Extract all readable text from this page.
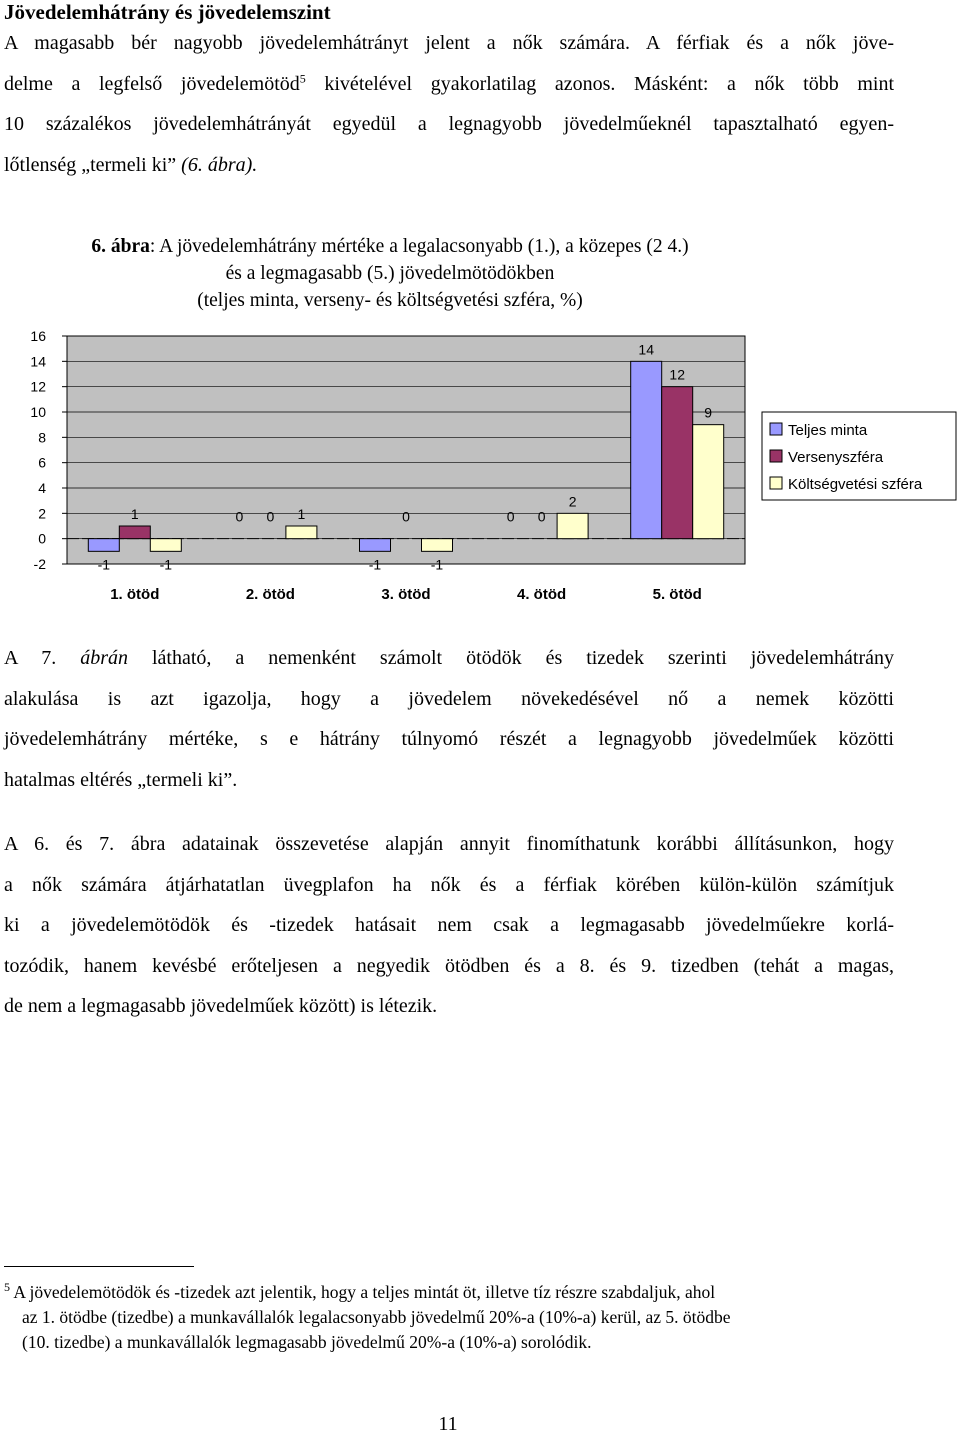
Jövedelemhátrány és jövedelemszint
A magasabb bér nagyobb jövedelemhátrányt jelent a nők számára. A férfiak és a nők jöve-
delme a legfelső jövedelemötöd$^5$ kivételével gyakorlatilag azonos. Másként: a nők több mint
10 százalékos jövedelemhátrányát egyedül a legnagyobb jövedelműeknél tapasztalható egyen-
lőtlenség „termeli ki” (6. ábra).
6. ábra: A jövedelemhátrány mértéke a legalacsonyabb (1.), a közepes (2 4.)
és a legmagasabb (5.) jövedelmötödökben
(teljes minta, verseny- és költségvetési szféra, %)
16
14
12
10
8
6
4
2
0
-2	-1
1
-1
1. ötöd
0 0 1
2. ötöd
-1
0
-1
3. ötöd
0 0
2
4. ötöd
14
12
9
5. ötöd
Teljes minta
Versenyszféra
Költségvetési szféra
A 7. ábrán látható, a nemenként számolt ötödök és tizedek szerinti jövedelemhátrány
alakulása is azt igazolja, hogy a jövedelem növekedésével nő a nemek közötti
jövedelemhátrány mértéke, s e hátrány túlnyomó részét a legnagyobb jövedelműek közötti
hatalmas eltérés „termeli ki”.
A 6. és 7. ábra adatainak összevetése alapján annyit finomíthatunk korábbi állításunkon, hogy
a nők számára átjárhatatlan üvegplafon ha nők és a férfiak körében külön-külön számítjuk
ki a jövedelemötödök és -tizedek hatásait nem csak a legmagasabb jövedelműekre korlá-
tozódik, hanem kevésbé erőteljesen a negyedik ötödben és a 8. és 9. tizedben (tehát a magas,
de nem a legmagasabb jövedelműek között) is létezik.
$^5$ A jövedelemötödök és -tizedek azt jelentik, hogy a teljes mintát öt, illetve tíz részre szabdaljuk, ahol
az 1. ötödbe (tizedbe) a munkavállalók legalacsonyabb jövedelmű 20%-a (10%-a) kerül, az 5. ötödbe
(10. tizedbe) a munkavállalók legmagasabb jövedelmű 20%-a (10%-a) sorolódik.
11
